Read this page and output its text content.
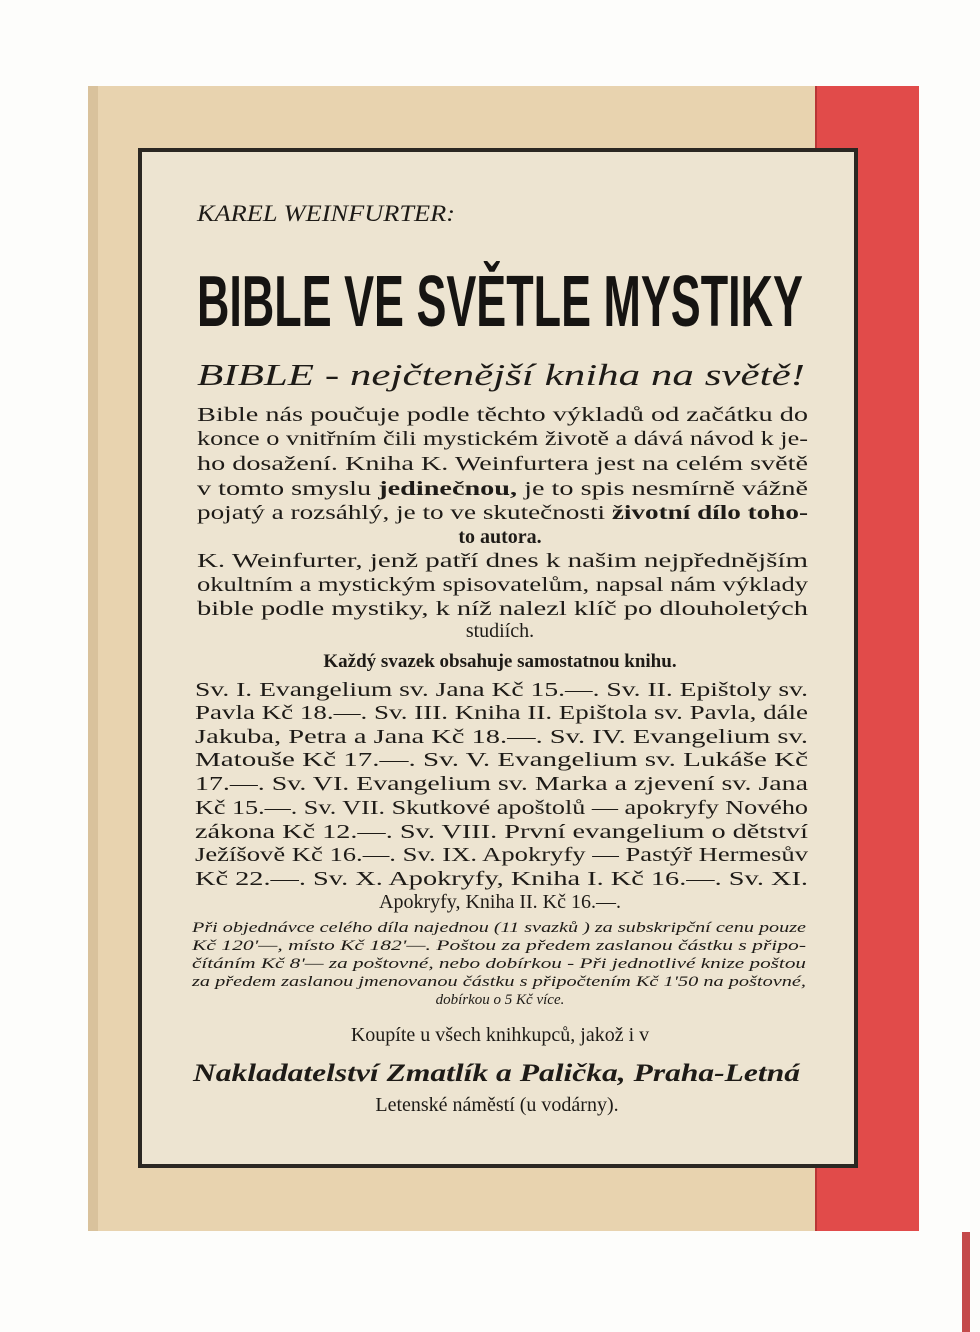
KAREL WEINFURTER:
BIBLE VE SVĚTLE MYSTIKY
BIBLE - nejčtenější kniha na světě!
Bible nás poučuje podle těchto výkladů od začátku do
konce o vnitřním čili mystickém životě a dává návod k je-
ho dosažení. Kniha K. Weinfurtera jest na celém světě
v tomto smyslu	jedinečnou, je to spis nesmírně vážně
pojatý a rozsáhlý, je to ve skutečnosti	životní dílo toho-
to autora.
K. Weinfurter, jenž patří dnes k našim nejpřednějším
okultním a mystickým spisovatelům, napsal nám výklady
bible podle mystiky, k níž nalezl klíč po dlouholetých
studiích.
Každý svazek obsahuje samostatnou knihu.
Sv. I. Evangelium sv. Jana Kč 15.—. Sv. II. Epištoly sv.
Pavla Kč 18.—. Sv. III. Kniha II. Epištola sv. Pavla, dále
Jakuba, Petra a Jana Kč 18.—. Sv. IV. Evangelium sv.
Matouše Kč 17.—. Sv. V. Evangelium sv. Lukáše Kč
17.—. Sv. VI. Evangelium sv. Marka a zjevení sv. Jana
Kč 15.—. Sv. VII. Skutkové apoštolů — apokryfy Nového
zákona Kč 12.—. Sv. VIII. První evangelium o dětství
Ježíšově Kč 16.—. Sv. IX. Apokryfy — Pastýř Hermesův
Kč 22.—. Sv. X. Apokryfy, Kniha I. Kč 16.—. Sv. XI.
Apokryfy, Kniha II. Kč 16.—.
Při objednávce celého díla najednou (11 svazků ) za subskripční cenu pouze
Kč 120'—, místo Kč 182'—. Poštou za předem zaslanou částku s připo-
čítáním Kč 8'— za poštovné, nebo dobírkou - Při jednotlivé knize poštou
za předem zaslanou jmenovanou částku s připočtením Kč 1'50 na poštovné,
dobírkou o 5 Kč více.
Koupíte u všech knihkupců, jakož i v
Nakladatelství Zmatlík a Palička, Praha-Letná
Letenské náměstí (u vodárny).
